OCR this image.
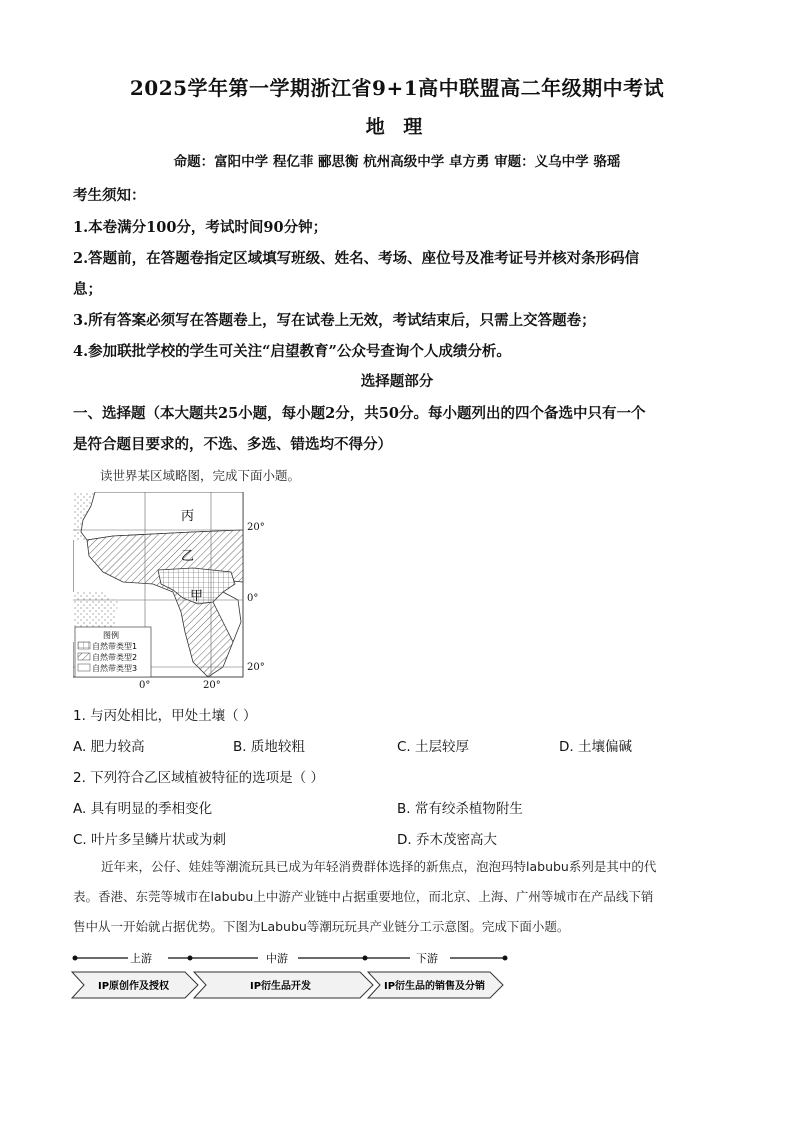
2025学年第一学期浙江省9+1高中联盟高二年级期中考试
地 理
命题：富阳中学 程亿菲 郦思衡 杭州高级中学 卓方勇 审题：义乌中学 骆瑶
考生须知：
1.本卷满分100分，考试时间90分钟；
2.答题前，在答题卷指定区域填写班级、姓名、考场、座位号及准考证号并核对条形码信
息；
3.所有答案必须写在答题卷上，写在试卷上无效，考试结束后，只需上交答题卷；
4.参加联批学校的学生可关注“启望教育”公众号查询个人成绩分析。
选择题部分
一、选择题（本大题共25小题，每小题2分，共50分。每小题列出的四个备选中只有一个
是符合题目要求的，不选、多选、错选均不得分）
读世界某区域略图，完成下面小题。
丙
乙
甲
图例
自然带类型1
自然带类型2
自然带类型3
20°
0°
20°
0°	20°
1. 与丙处相比，甲处土壤（ ）
A. 肥力较高	B. 质地较粗	C. 土层较厚	D. 土壤偏碱
2. 下列符合乙区域植被特征的选项是（ ）
A. 具有明显的季相变化	B. 常有绞杀植物附生
C. 叶片多呈鳞片状或为刺	D. 乔木茂密高大
近年来，公仔、娃娃等潮流玩具已成为年轻消费群体选择的新焦点，泡泡玛特labubu系列是其中的代
表。香港、东莞等城市在labubu上中游产业链中占据重要地位，而北京、上海、广州等城市在产品线下销
售中从一开始就占据优势。下图为Labubu等潮玩玩具产业链分工示意图。完成下面小题。
上游	中游	下游
IP原创作及授权	IP衍生品开发	IP衍生品的销售及分销
